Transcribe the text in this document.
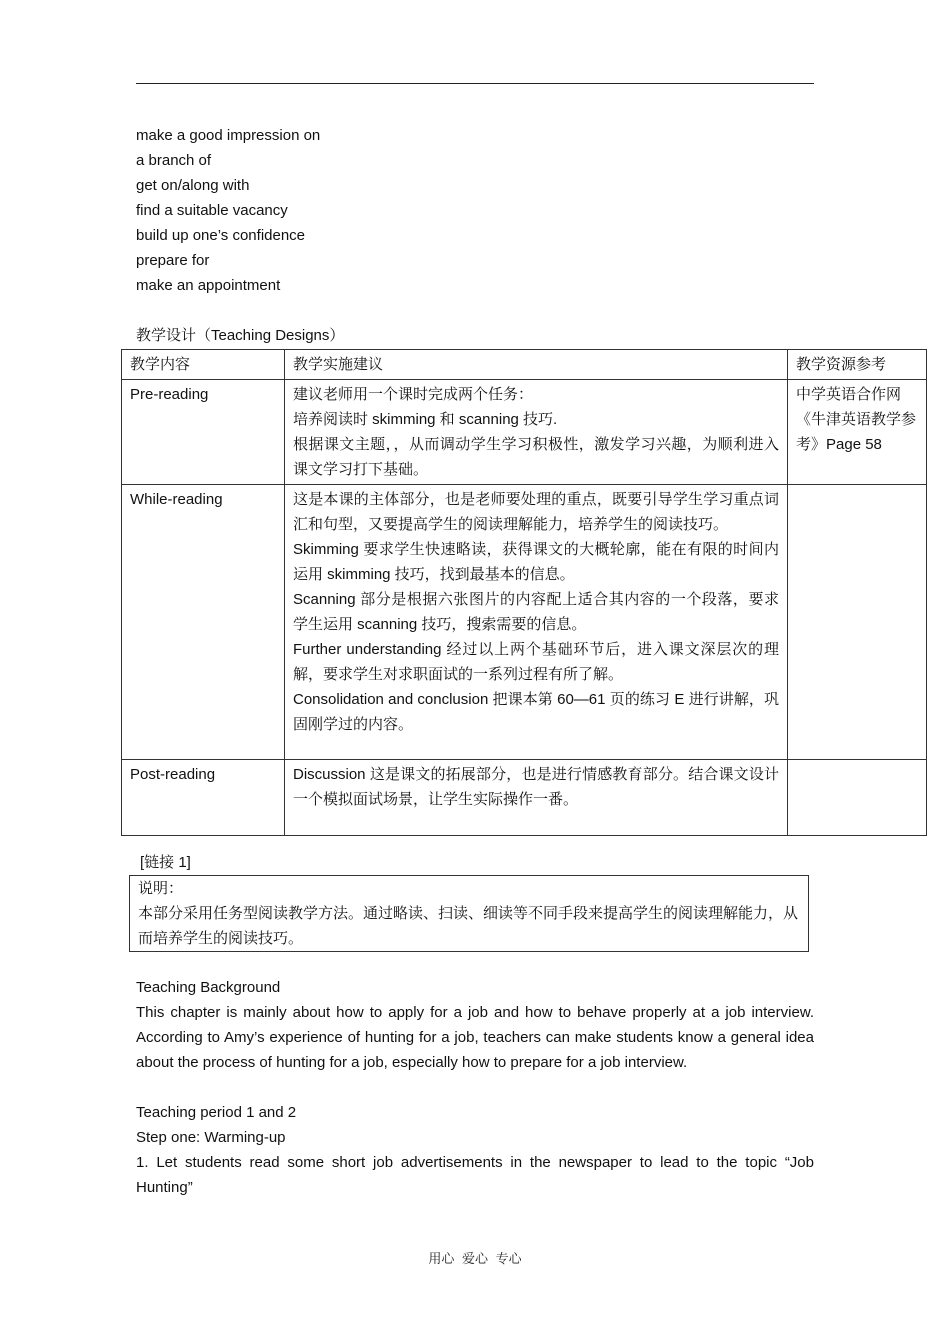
make a good impression on
a branch of
get on/along with
find a suitable vacancy
build up one’s confidence
prepare for
make an appointment
教学设计（Teaching Designs）
教学内容	教学实施建议	教学资源参考
Pre-reading	建议老师用一个课时完成两个任务：
培养阅读时 skimming 和 scanning 技巧.
根据课文主题，，从而调动学生学习积极性，激发学习兴趣，为顺利进入课文学习打下基础。	中学英语合作网《牛津英语教学参考》Page 58
While-reading	这是本课的主体部分，也是老师要处理的重点，既要引导学生学习重点词汇和句型，又要提高学生的阅读理解能力，培养学生的阅读技巧。
Skimming 要求学生快速略读，获得课文的大概轮廓，能在有限的时间内运用 skimming 技巧，找到最基本的信息。
Scanning 部分是根据六张图片的内容配上适合其内容的一个段落，要求学生运用 scanning 技巧，搜索需要的信息。
Further understanding 经过以上两个基础环节后，进入课文深层次的理解，要求学生对求职面试的一系列过程有所了解。
Consolidation and conclusion 把课本第 60—61 页的练习 E 进行讲解，巩固刚学过的内容。	

Post-reading	Discussion 这是课文的拓展部分，也是进行情感教育部分。结合课文设计一个模拟面试场景，让学生实际操作一番。	

[链接 1]
说明：
本部分采用任务型阅读教学方法。通过略读、扫读、细读等不同手段来提高学生的阅读理解能力，从而培养学生的阅读技巧。
Teaching Background
This chapter is mainly about how to apply for a job and how to behave properly at a job interview. According to Amy’s experience of hunting for a job, teachers can make students know a general idea about the process of hunting for a job, especially how to prepare for a job interview.
Teaching period 1 and 2
Step one: Warming-up
1. Let students read some short job advertisements in the newspaper to lead to the topic “Job Hunting”
用心 爱心 专心
